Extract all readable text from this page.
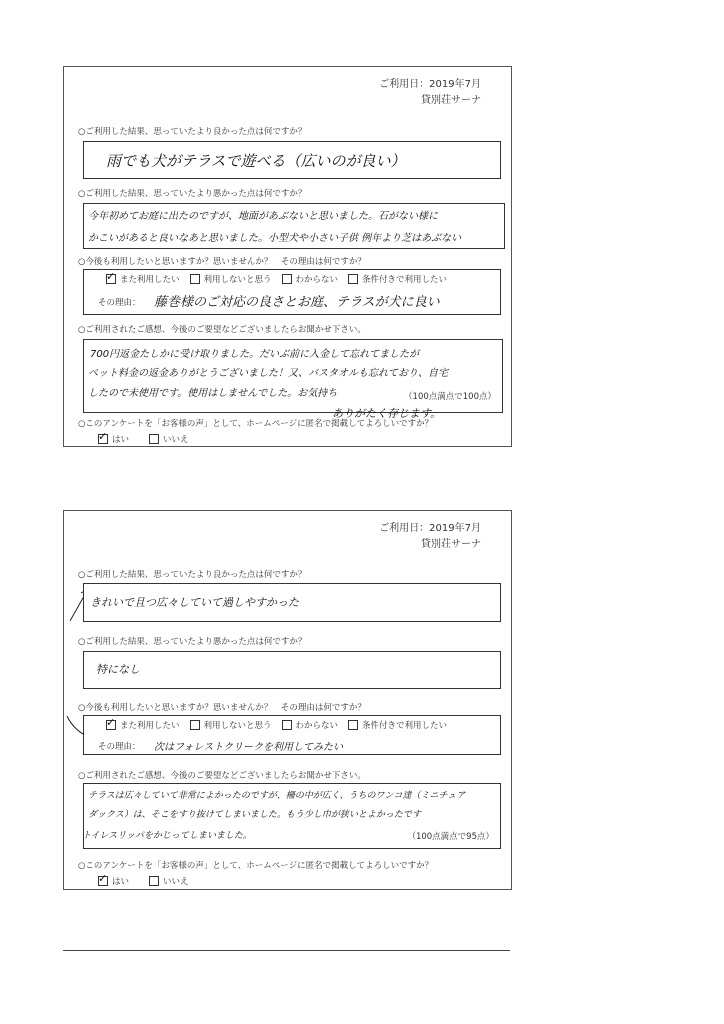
ご利用日：2019年7月
貸別荘サーナ
○ご利用した結果、思っていたより良かった点は何ですか？
雨でも犬がテラスで遊べる（広いのが良い）
○ご利用した結果、思っていたより悪かった点は何ですか？
今年初めてお庭に出たのですが、地面があぶないと思いました。石がない様に
かこいがあると良いなあと思いました。小型犬や小さい子供 例年より芝はあぶない
○今後も利用したいと思いますか？思いませんか？　その理由は何ですか？
✓
また利用したい	利用しないと思う	わからない	条件付きで利用したい
その理由： 藤巻様のご対応の良さとお庭、テラスが犬に良い
○ご利用されたご感想、今後のご要望などございましたらお聞かせ下さい。
700円返金たしかに受け取りました。だいぶ前に入金して忘れてましたが
ペット料金の返金ありがとうございました！又、バスタオルも忘れており、自宅
したので未使用です。使用はしませんでした。お気持ち	（100点満点で100点）
ありがたく存じます。
○このアンケートを「お客様の声」として、ホームページに匿名で掲載してよろしいですか？
✓
はい	いいえ
ご利用日：2019年7月
貸別荘サーナ
○ご利用した結果、思っていたより良かった点は何ですか？
きれいで且つ広々していて過しやすかった
○ご利用した結果、思っていたより悪かった点は何ですか？
特になし
○今後も利用したいと思いますか？思いませんか？　その理由は何ですか？
✓
また利用したい	利用しないと思う	わからない	条件付きで利用したい
その理由： 次はフォレストクリークを利用してみたい
○ご利用されたご感想、今後のご要望などございましたらお聞かせ下さい。
テラスは広々していて非常によかったのですが、柵の中が広く、うちのワンコ達（ミニチュア
ダックス）は、そこをすり抜けてしまいました。もう少し巾が狭いとよかったです
トイレスリッパをかじってしまいました。	（100点満点で95点）
○このアンケートを「お客様の声」として、ホームページに匿名で掲載してよろしいですか？
✓
はい	いいえ
